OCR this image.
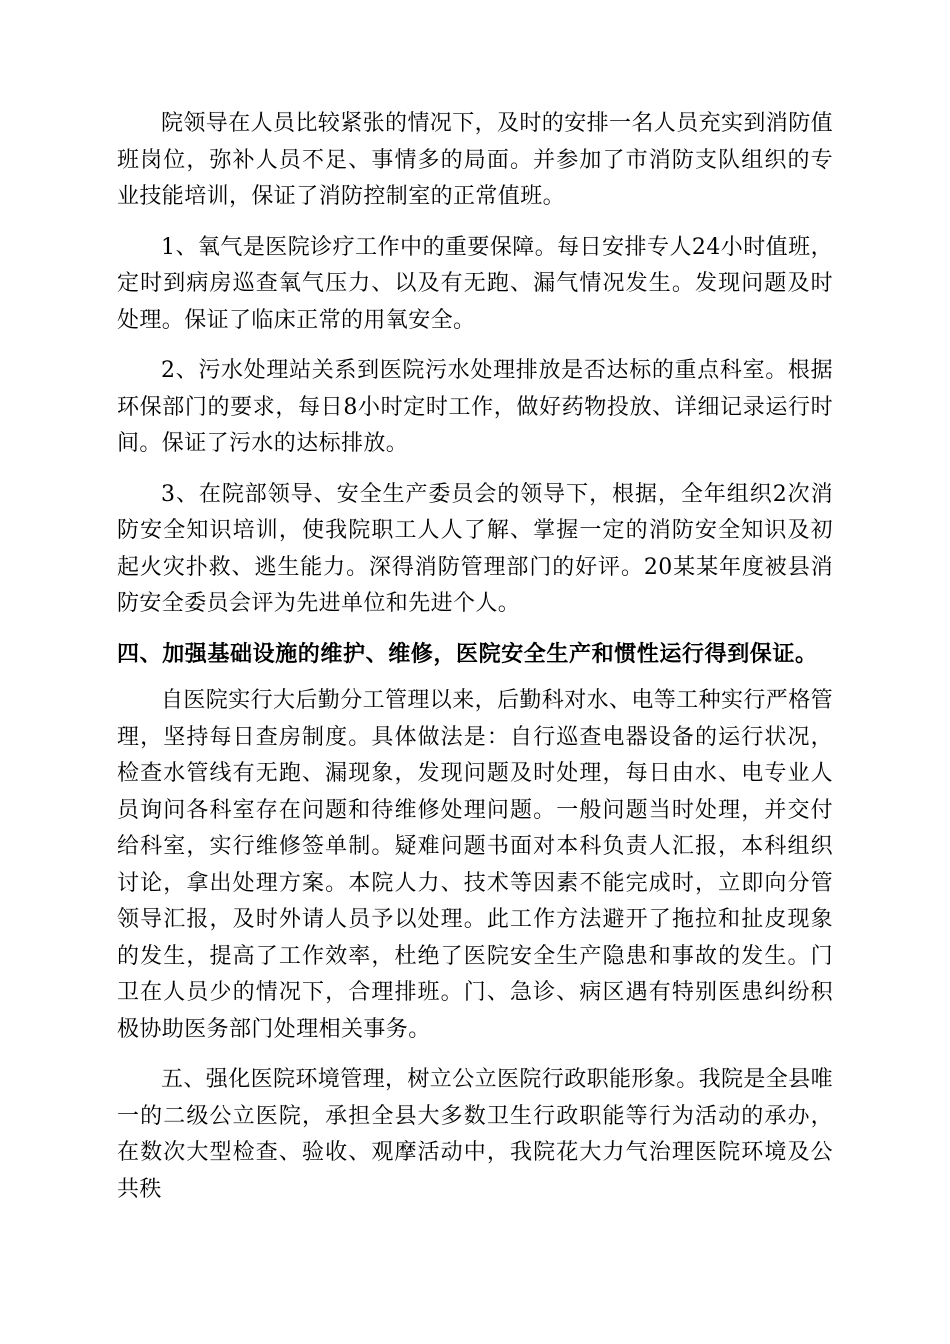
院领导在人员比较紧张的情况下，及时的安排一名人员充实到消防值班岗位，弥补人员不足、事情多的局面。并参加了市消防支队组织的专业技能培训，保证了消防控制室的正常值班。

1、氧气是医院诊疗工作中的重要保障。每日安排专人24小时值班，定时到病房巡查氧气压力、以及有无跑、漏气情况发生。发现问题及时处理。保证了临床正常的用氧安全。

2、污水处理站关系到医院污水处理排放是否达标的重点科室。根据环保部门的要求，每日8小时定时工作，做好药物投放、详细记录运行时间。保证了污水的达标排放。

3、在院部领导、安全生产委员会的领导下，根据，全年组织2次消防安全知识培训，使我院职工人人了解、掌握一定的消防安全知识及初起火灾扑救、逃生能力。深得消防管理部门的好评。20某某年度被县消防安全委员会评为先进单位和先进个人。

四、加强基础设施的维护、维修，医院安全生产和惯性运行得到保证。

自医院实行大后勤分工管理以来，后勤科对水、电等工种实行严格管理，坚持每日查房制度。具体做法是：自行巡查电器设备的运行状况，检查水管线有无跑、漏现象，发现问题及时处理，每日由水、电专业人员询问各科室存在问题和待维修处理问题。一般问题当时处理，并交付给科室，实行维修签单制。疑难问题书面对本科负责人汇报，本科组织讨论，拿出处理方案。本院人力、技术等因素不能完成时，立即向分管领导汇报，及时外请人员予以处理。此工作方法避开了拖拉和扯皮现象的发生，提高了工作效率，杜绝了医院安全生产隐患和事故的发生。门卫在人员少的情况下，合理排班。门、急诊、病区遇有特别医患纠纷积极协助医务部门处理相关事务。

五、强化医院环境管理，树立公立医院行政职能形象。我院是全县唯一的二级公立医院，承担全县大多数卫生行政职能等行为活动的承办，在数次大型检查、验收、观摩活动中，我院花大力气治理医院环境及公共秩
